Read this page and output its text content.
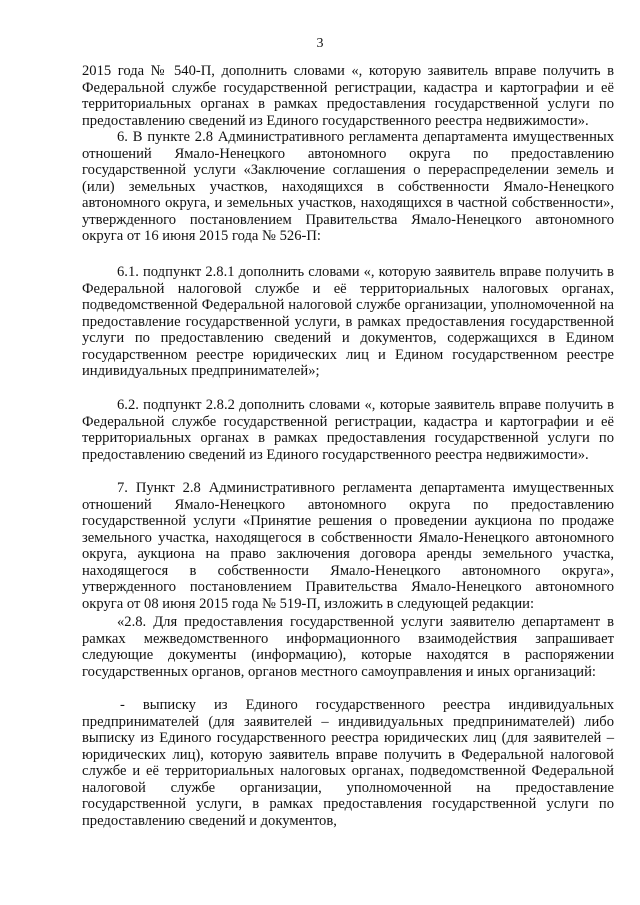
3

2015 года № 540-П, дополнить словами «, которую заявитель вправе получить в Федеральной службе государственной регистрации, кадастра и картографии и её территориальных органах в рамках предоставления государственной услуги по предоставлению сведений из Единого государственного реестра недвижимости».

6. В пункте 2.8 Административного регламента департамента имущественных отношений Ямало-Ненецкого автономного округа по предоставлению государственной услуги «Заключение соглашения о перераспределении земель и (или) земельных участков, находящихся в собственности Ямало-Ненецкого автономного округа, и земельных участков, находящихся в частной собственности», утвержденного постановлением Правительства Ямало-Ненецкого автономного округа от 16 июня 2015 года № 526-П:

6.1. подпункт 2.8.1 дополнить словами «, которую заявитель вправе получить в Федеральной налоговой службе и её территориальных налоговых органах, подведомственной Федеральной налоговой службе организации, уполномоченной на предоставление государственной услуги, в рамках предоставления государственной услуги по предоставлению сведений и документов, содержащихся в Едином государственном реестре юридических лиц и Едином государственном реестре индивидуальных предпринимателей»;

6.2. подпункт 2.8.2 дополнить словами «, которые заявитель вправе получить в Федеральной службе государственной регистрации, кадастра и картографии и её территориальных органах в рамках предоставления государственной услуги по предоставлению сведений из Единого государственного реестра недвижимости».

7. Пункт 2.8 Административного регламента департамента имущественных отношений Ямало-Ненецкого автономного округа по предоставлению государственной услуги «Принятие решения о проведении аукциона по продаже земельного участка, находящегося в собственности Ямало-Ненецкого автономного округа, аукциона на право заключения договора аренды земельного участка, находящегося в собственности Ямало-Ненецкого автономного округа», утвержденного постановлением Правительства Ямало-Ненецкого автономного округа от 08 июня 2015 года № 519-П, изложить в следующей редакции:

«2.8. Для предоставления государственной услуги заявителю департамент в рамках межведомственного информационного взаимодействия запрашивает следующие документы (информацию), которые находятся в распоряжении государственных органов, органов местного самоуправления и иных организаций:

- выписку из Единого государственного реестра индивидуальных предпринимателей (для заявителей – индивидуальных предпринимателей) либо выписку из Единого государственного реестра юридических лиц (для заявителей – юридических лиц), которую заявитель вправе получить в Федеральной налоговой службе и её территориальных налоговых органах, подведомственной Федеральной налоговой службе организации, уполномоченной на предоставление государственной услуги, в рамках предоставления государственной услуги по предоставлению сведений и документов,
